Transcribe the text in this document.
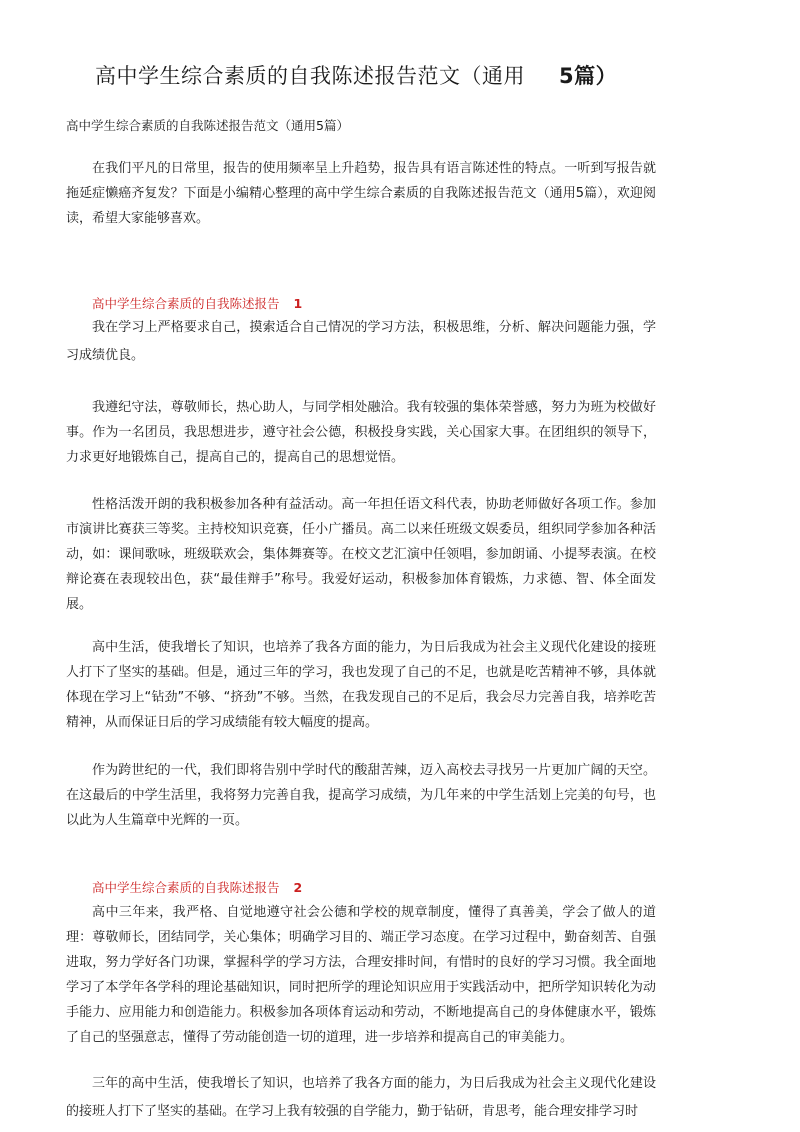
高中学生综合素质的自我陈述报告范文（通用 5篇）
高中学生综合素质的自我陈述报告范文（通用5篇）

在我们平凡的日常里，报告的使用频率呈上升趋势，报告具有语言陈述性的特点。一听到写报告就拖延症懒癌齐复发？下面是小编精心整理的高中学生综合素质的自我陈述报告范文（通用5篇），欢迎阅读，希望大家能够喜欢。

高中学生综合素质的自我陈述报告 1

我在学习上严格要求自己，摸索适合自己情况的学习方法，积极思维，分析、解决问题能力强，学习成绩优良。

我遵纪守法，尊敬师长，热心助人，与同学相处融洽。我有较强的集体荣誉感，努力为班为校做好事。作为一名团员，我思想进步，遵守社会公德，积极投身实践，关心国家大事。在团组织的领导下，力求更好地锻炼自己，提高自己的，提高自己的思想觉悟。

性格活泼开朗的我积极参加各种有益活动。高一年担任语文科代表，协助老师做好各项工作。参加市演讲比赛获三等奖。主持校知识竞赛，任小广播员。高二以来任班级文娱委员，组织同学参加各种活动，如：课间歌咏，班级联欢会，集体舞赛等。在校文艺汇演中任领唱，参加朗诵、小提琴表演。在校辩论赛在表现较出色，获“最佳辩手”称号。我爱好运动，积极参加体育锻炼，力求德、智、体全面发展。

高中生活，使我增长了知识，也培养了我各方面的能力，为日后我成为社会主义现代化建设的接班人打下了坚实的基础。但是，通过三年的学习，我也发现了自己的不足，也就是吃苦精神不够，具体就体现在学习上“钻劲”不够、“挤劲”不够。当然，在我发现自己的不足后，我会尽力完善自我，培养吃苦精神，从而保证日后的学习成绩能有较大幅度的提高。

作为跨世纪的一代，我们即将告别中学时代的酸甜苦辣，迈入高校去寻找另一片更加广阔的天空。在这最后的中学生活里，我将努力完善自我，提高学习成绩，为几年来的中学生活划上完美的句号，也以此为人生篇章中光辉的一页。

高中学生综合素质的自我陈述报告 2

高中三年来，我严格、自觉地遵守社会公德和学校的规章制度，懂得了真善美，学会了做人的道理：尊敬师长，团结同学，关心集体；明确学习目的、端正学习态度。在学习过程中，勤奋刻苦、自强进取，努力学好各门功课，掌握科学的学习方法，合理安排时间，有惜时的良好的学习习惯。我全面地学习了本学年各学科的理论基础知识，同时把所学的理论知识应用于实践活动中，把所学知识转化为动手能力、应用能力和创造能力。积极参加各项体育运动和劳动，不断地提高自己的身体健康水平，锻炼了自己的坚强意志，懂得了劳动能创造一切的道理，进一步培养和提高自己的审美能力。

三年的高中生活，使我增长了知识，也培养了我各方面的能力，为日后我成为社会主义现代化建设的接班人打下了坚实的基础。在学习上我有较强的自学能力，勤于钻研，肯思考，能合理安排学习时
